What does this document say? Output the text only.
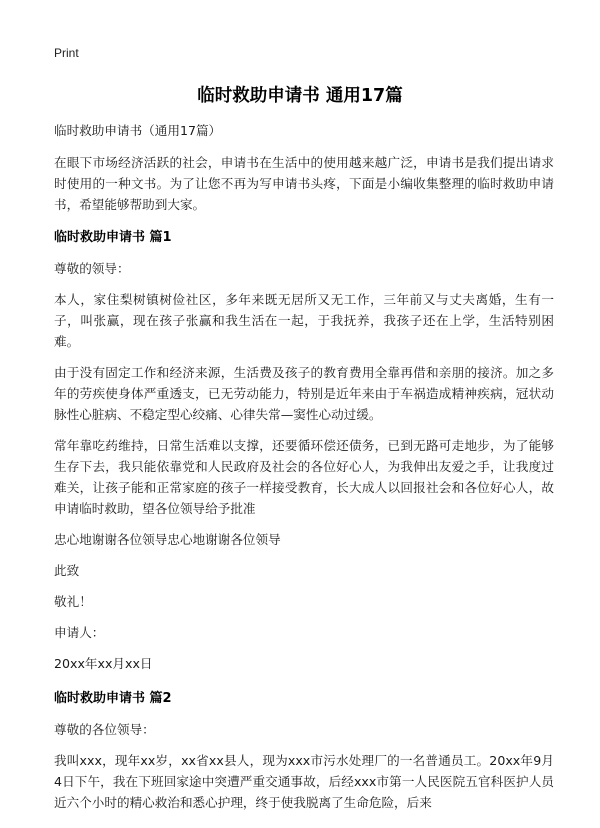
Print
临时救助申请书 通用17篇

临时救助申请书（通用17篇）

在眼下市场经济活跃的社会，申请书在生活中的使用越来越广泛，申请书是我们提出请求时使用的一种文书。为了让您不再为写申请书头疼，下面是小编收集整理的临时救助申请书，希望能够帮助到大家。

临时救助申请书 篇1

尊敬的领导：

本人，家住梨树镇树俭社区，多年来既无居所又无工作，三年前又与丈夫离婚，生有一子，叫张赢，现在孩子张赢和我生活在一起，于我抚养，我孩子还在上学，生活特别困难。

由于没有固定工作和经济来源，生活费及孩子的教育费用全靠再借和亲朋的接济。加之多年的劳疾使身体严重透支，已无劳动能力，特别是近年来由于车祸造成精神疾病，冠状动脉性心脏病、不稳定型心绞痛、心律失常—窦性心动过缓。

常年靠吃药维持，日常生活难以支撑，还要循环偿还债务，已到无路可走地步，为了能够生存下去，我只能依靠党和人民政府及社会的各位好心人，为我伸出友爱之手，让我度过难关，让孩子能和正常家庭的孩子一样接受教育，长大成人以回报社会和各位好心人，故申请临时救助，望各位领导给予批准

忠心地谢谢各位领导忠心地谢谢各位领导

此致

敬礼！

申请人：

20xx年xx月xx日

临时救助申请书 篇2

尊敬的各位领导：

我叫xxx，现年xx岁，xx省xx县人，现为xxx市污水处理厂的一名普通员工。20xx年9月4日下午，我在下班回家途中突遭严重交通事故，后经xxx市第一人民医院五官科医护人员近六个小时的精心救治和悉心护理，终于使我脱离了生命危险，后来
